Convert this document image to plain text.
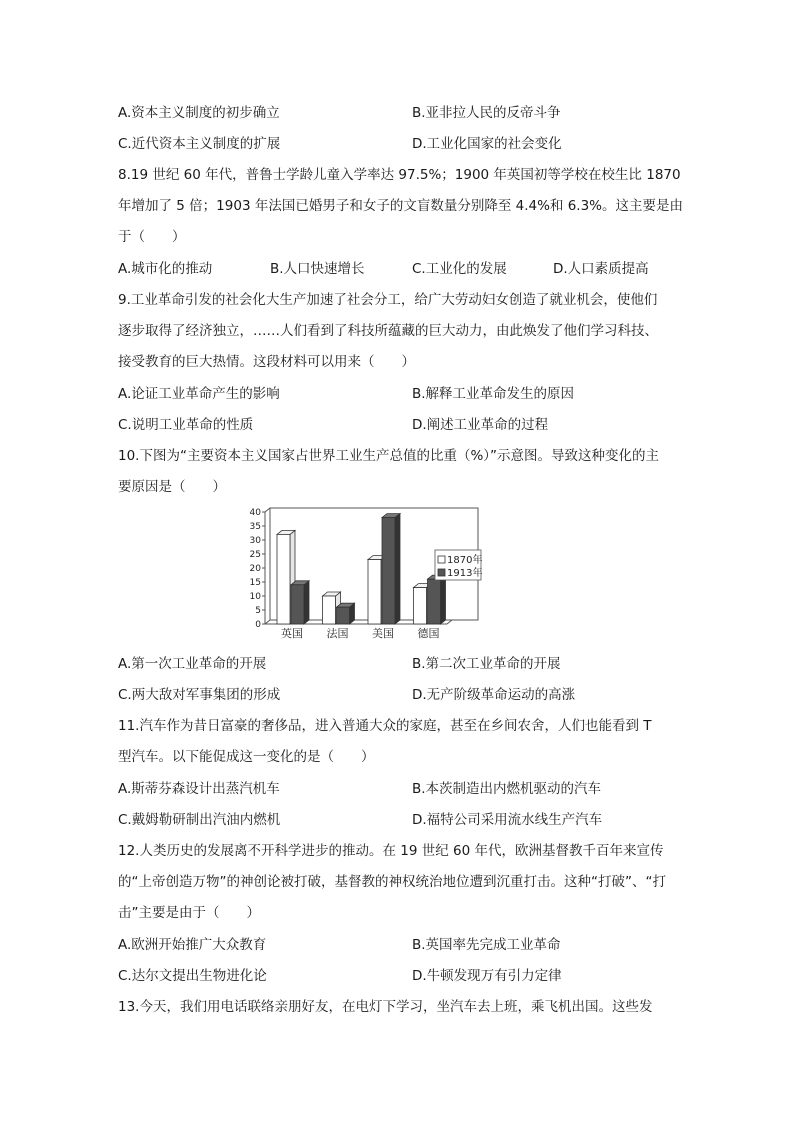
A.资本主义制度的初步确立	B.亚非拉人民的反帝斗争
C.近代资本主义制度的扩展	D.工业化国家的社会变化
8.19 世纪 60 年代，普鲁士学龄儿童入学率达 97.5%；1900 年英国初等学校在校生比 1870
年增加了 5 倍；1903 年法国已婚男子和女子的文盲数量分别降至 4.4%和 6.3%。这主要是由
于（　　）
A.城市化的推动	B.人口快速增长	C.工业化的发展	D.人口素质提高
9.工业革命引发的社会化大生产加速了社会分工，给广大劳动妇女创造了就业机会，使他们
逐步取得了经济独立，……人们看到了科技所蕴藏的巨大动力，由此焕发了他们学习科技、
接受教育的巨大热情。这段材料可以用来（　　）
A.论证工业革命产生的影响	B.解释工业革命发生的原因
C.说明工业革命的性质	D.阐述工业革命的过程
10.下图为“主要资本主义国家占世界工业生产总值的比重（%）”示意图。导致这种变化的主
要原因是（　　）
0
5
10
15
20
25
30
35
40
英国 法国 美国 德国
1870年
1913年
A.第一次工业革命的开展	B.第二次工业革命的开展
C.两大敌对军事集团的形成	D.无产阶级革命运动的高涨
11.汽车作为昔日富豪的奢侈品，进入普通大众的家庭，甚至在乡间农舍，人们也能看到 T
型汽车。以下能促成这一变化的是（　　）
A.斯蒂芬森设计出蒸汽机车	B.本茨制造出内燃机驱动的汽车
C.戴姆勒研制出汽油内燃机	D.福特公司采用流水线生产汽车
12.人类历史的发展离不开科学进步的推动。在 19 世纪 60 年代，欧洲基督教千百年来宣传
的“上帝创造万物”的神创论被打破，基督教的神权统治地位遭到沉重打击。这种“打破”、“打
击”主要是由于（　　）
A.欧洲开始推广大众教育	B.英国率先完成工业革命
C.达尔文提出生物进化论	D.牛顿发现万有引力定律
13.今天，我们用电话联络亲朋好友，在电灯下学习，坐汽车去上班，乘飞机出国。这些发
